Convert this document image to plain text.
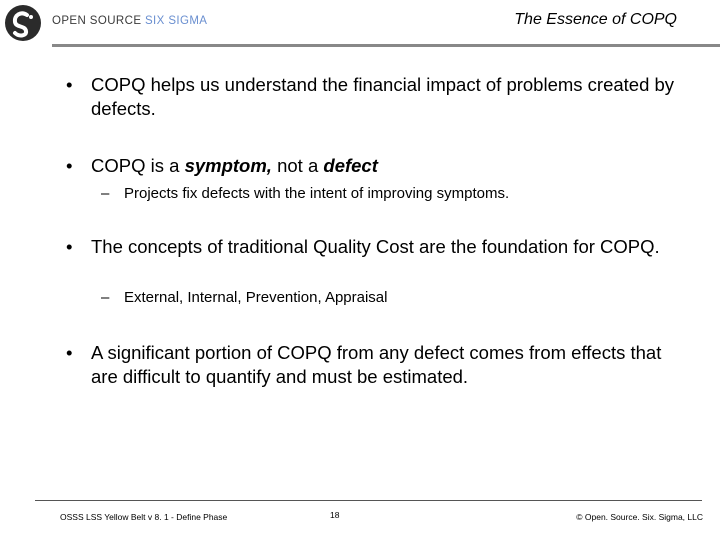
OPEN SOURCE SIX SIGMA	The Essence of COPQ
• COPQ helps us understand the financial impact of problems created by defects.
• COPQ is a symptom, not a defect
– Projects fix defects with the intent of improving symptoms.
• The concepts of traditional Quality Cost are the foundation for COPQ.
– External, Internal, Prevention, Appraisal
• A significant portion of COPQ from any defect comes from effects that are difficult to quantify and must be estimated.
OSSS LSS Yellow Belt v 8. 1 - Define Phase	18	© Open. Source. Six. Sigma, LLC
